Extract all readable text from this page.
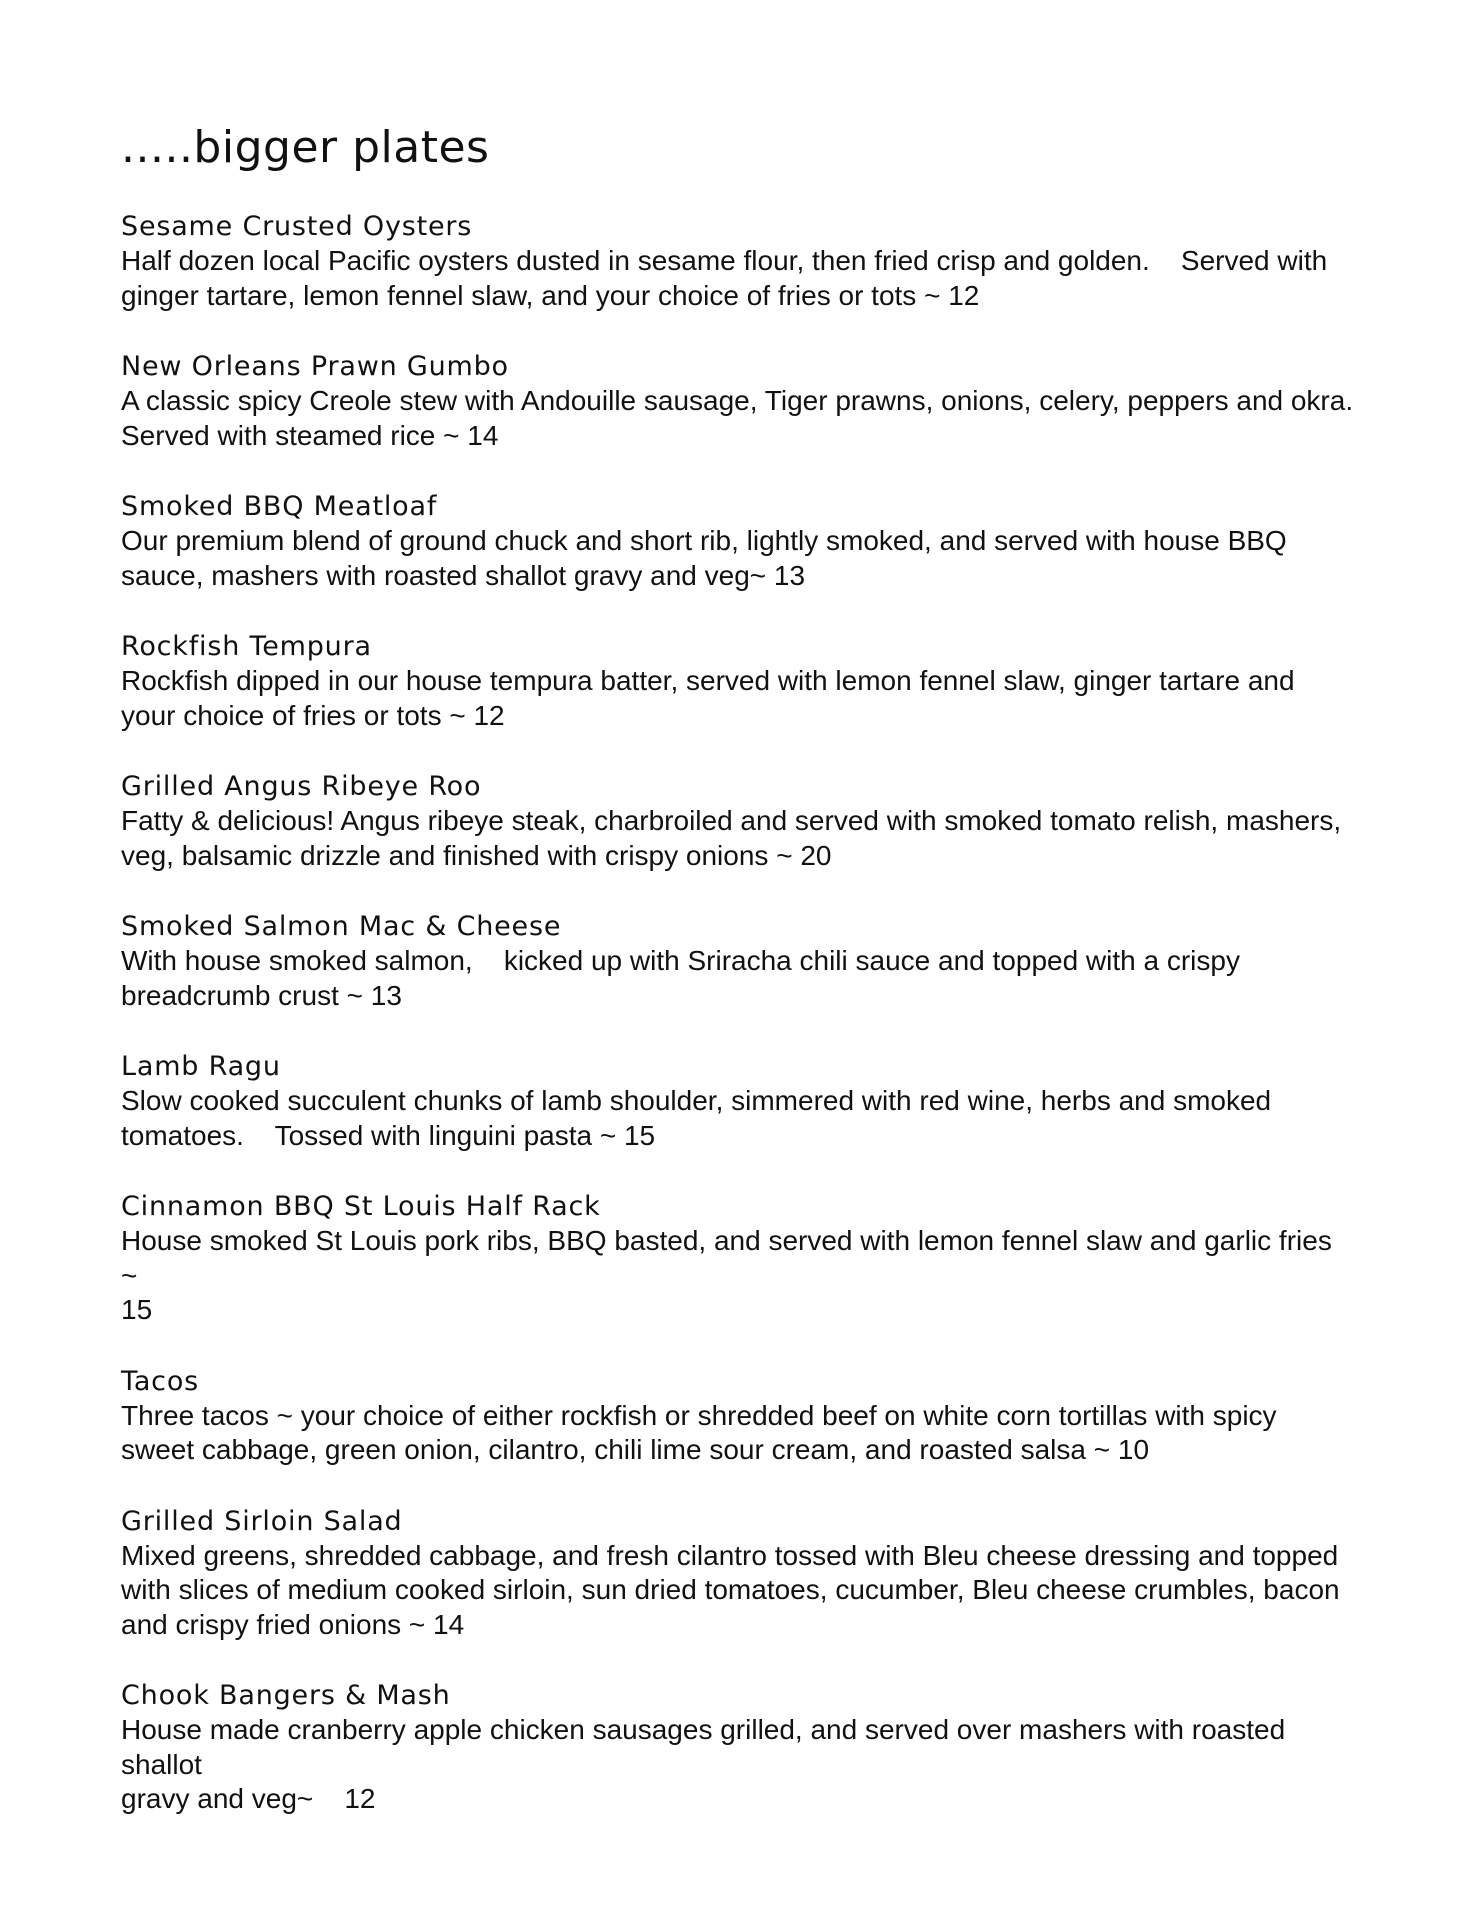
.....bigger plates
Sesame Crusted Oysters
Half dozen local Pacific oysters dusted in sesame flour, then fried crisp and golden.    Served with
ginger tartare, lemon fennel slaw, and your choice of fries or tots ~ 12
New Orleans Prawn Gumbo
A classic spicy Creole stew with Andouille sausage, Tiger prawns, onions, celery, peppers and okra.
Served with steamed rice ~ 14
Smoked BBQ Meatloaf
Our premium blend of ground chuck and short rib, lightly smoked, and served with house BBQ
sauce, mashers with roasted shallot gravy and veg~ 13
Rockfish Tempura
Rockfish dipped in our house tempura batter, served with lemon fennel slaw, ginger tartare and
your choice of fries or tots ~ 12
Grilled Angus Ribeye Roo
Fatty & delicious! Angus ribeye steak, charbroiled and served with smoked tomato relish, mashers,
veg, balsamic drizzle and finished with crispy onions ~ 20
Smoked Salmon Mac & Cheese
With house smoked salmon,    kicked up with Sriracha chili sauce and topped with a crispy
breadcrumb crust ~ 13
Lamb Ragu
Slow cooked succulent chunks of lamb shoulder, simmered with red wine, herbs and smoked
tomatoes.    Tossed with linguini pasta ~ 15
Cinnamon BBQ St Louis Half Rack
House smoked St Louis pork ribs, BBQ basted, and served with lemon fennel slaw and garlic fries    ~
15
Tacos
Three tacos ~ your choice of either rockfish or shredded beef on white corn tortillas with spicy
sweet cabbage, green onion, cilantro, chili lime sour cream, and roasted salsa ~ 10
Grilled Sirloin Salad
Mixed greens, shredded cabbage, and fresh cilantro tossed with Bleu cheese dressing and topped
with slices of medium cooked sirloin, sun dried tomatoes, cucumber, Bleu cheese crumbles, bacon
and crispy fried onions ~ 14
Chook Bangers & Mash
House made cranberry apple chicken sausages grilled, and served over mashers with roasted shallot
gravy and veg~    12
